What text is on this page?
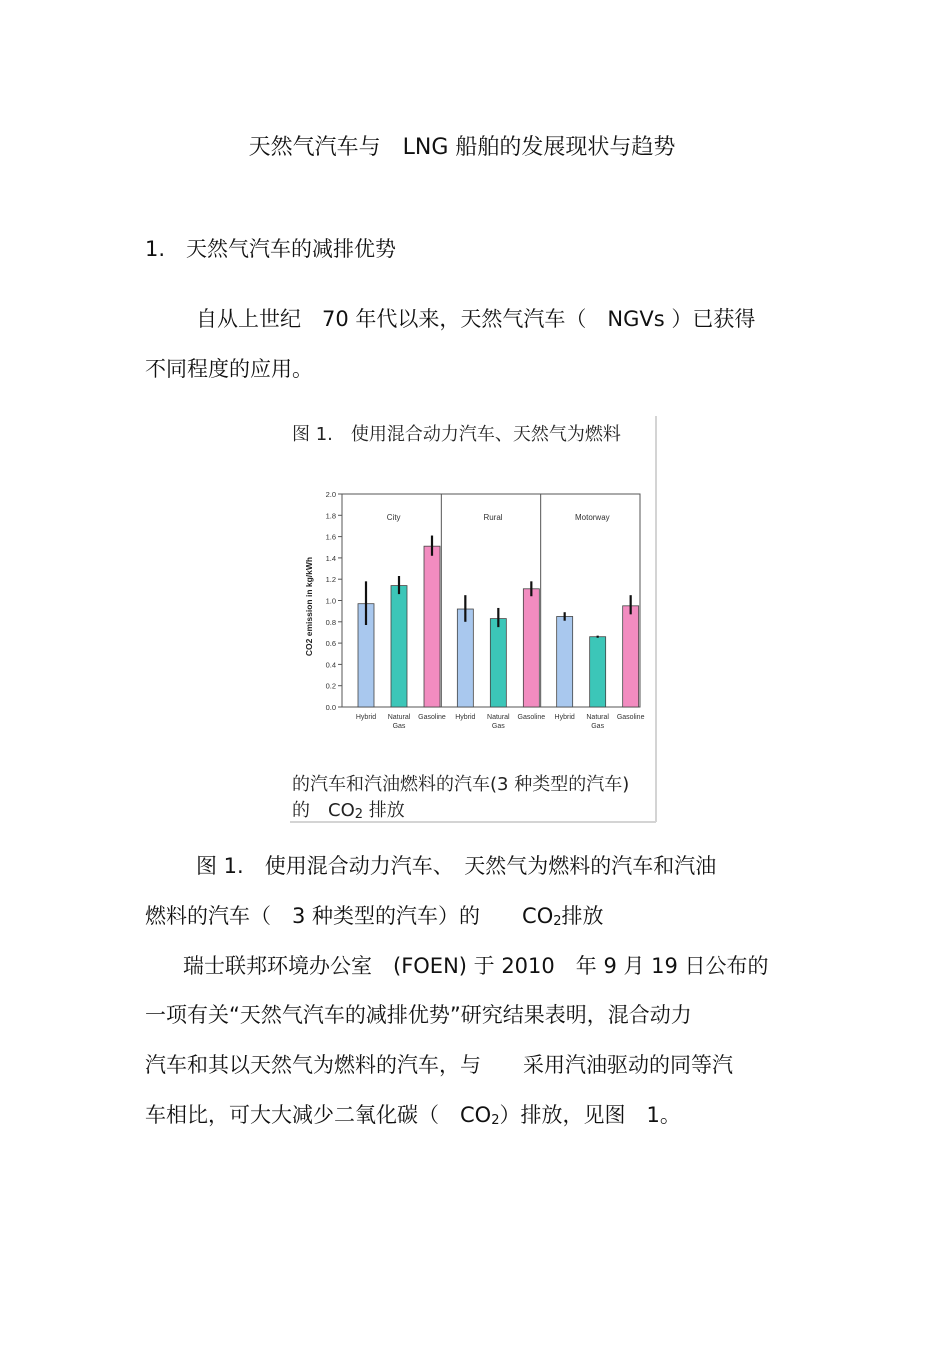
天然气汽车与　LNG 船舶的发展现状与趋势
1.　天然气汽车的减排优势
自从上世纪　70 年代以来，天然气汽车（　NGVs ）已获得
不同程度的应用。
图 1.　使用混合动力汽车、天然气为燃料
0.0
0.2
0.4
0.6
0.8
1.0
1.2
1.4
1.6
1.8
2.0
CO2 emission in kg/kWh
City
Hybrid Natural
Gas
Gasoline
Rural
Hybrid Natural
Gas
Gasoline
Motorway
Hybrid Natural
Gas
Gasoline
的汽车和汽油燃料的汽车(3 种类型的汽车)
的　CO2 排放
图 1.　使用混合动力汽车、　天然气为燃料的汽车和汽油
燃料的汽车（　3 种类型的汽车）的　　CO2排放
瑞士联邦环境办公室　(FOEN) 于 2010　年 9 月 19 日公布的
一项有关“天然气汽车的减排优势”研究结果表明，混合动力
汽车和其以天然气为燃料的汽车，与　　采用汽油驱动的同等汽
车相比，可大大减少二氧化碳（　CO2）排放，见图　1。
